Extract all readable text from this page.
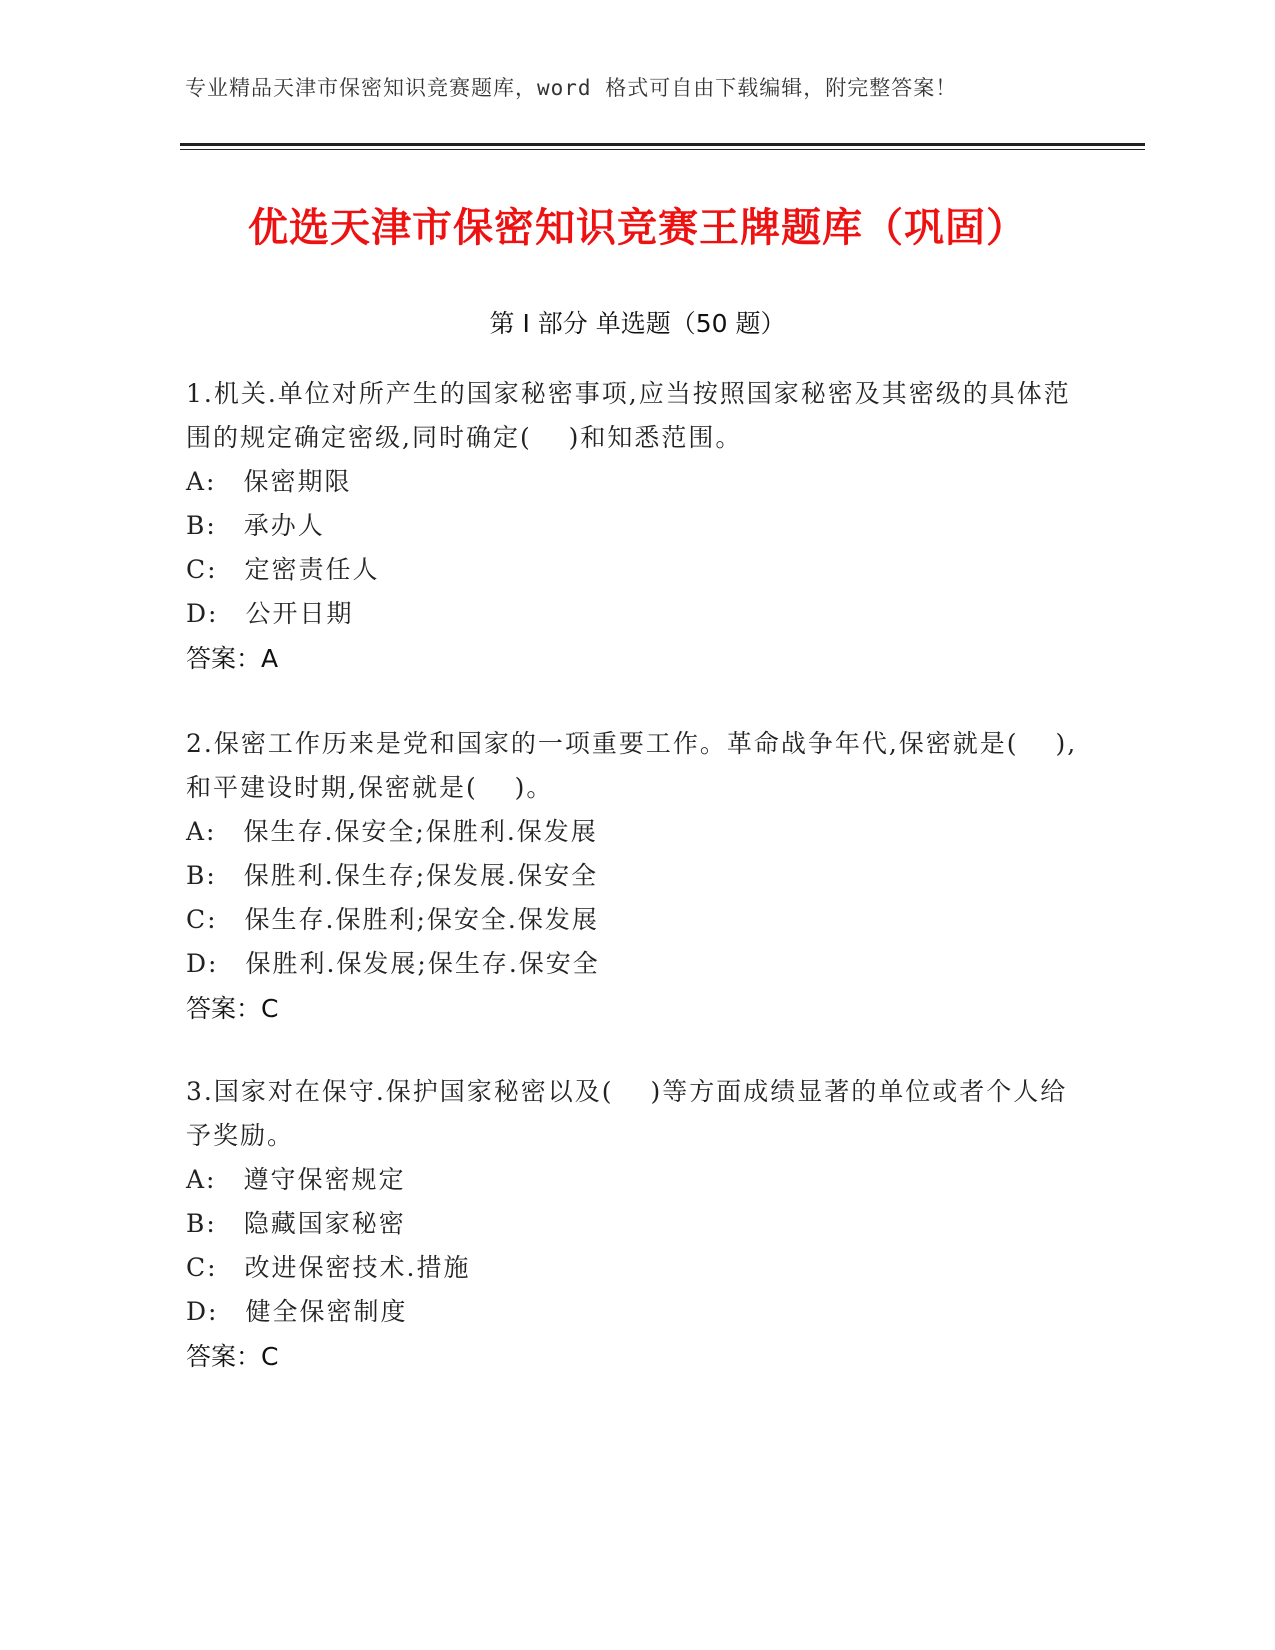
专业精品天津市保密知识竞赛题库，word 格式可自由下载编辑，附完整答案！
优选天津市保密知识竞赛王牌题库（巩固）
第 I 部分 单选题（50 题）

1.机关.单位对所产生的国家秘密事项,应当按照国家秘密及其密级的具体范围的规定确定密级,同时确定(　 )和知悉范围。

A:　保密期限

B:　承办人

C:　定密责任人

D:　公开日期

答案：A

2.保密工作历来是党和国家的一项重要工作。革命战争年代,保密就是(　 ),和平建设时期,保密就是(　 )。

A:　保生存.保安全;保胜利.保发展

B:　保胜利.保生存;保发展.保安全

C:　保生存.保胜利;保安全.保发展

D:　保胜利.保发展;保生存.保安全

答案：C

3.国家对在保守.保护国家秘密以及(　 )等方面成绩显著的单位或者个人给予奖励。

A:　遵守保密规定

B:　隐藏国家秘密

C:　改进保密技术.措施

D:　健全保密制度

答案：C
